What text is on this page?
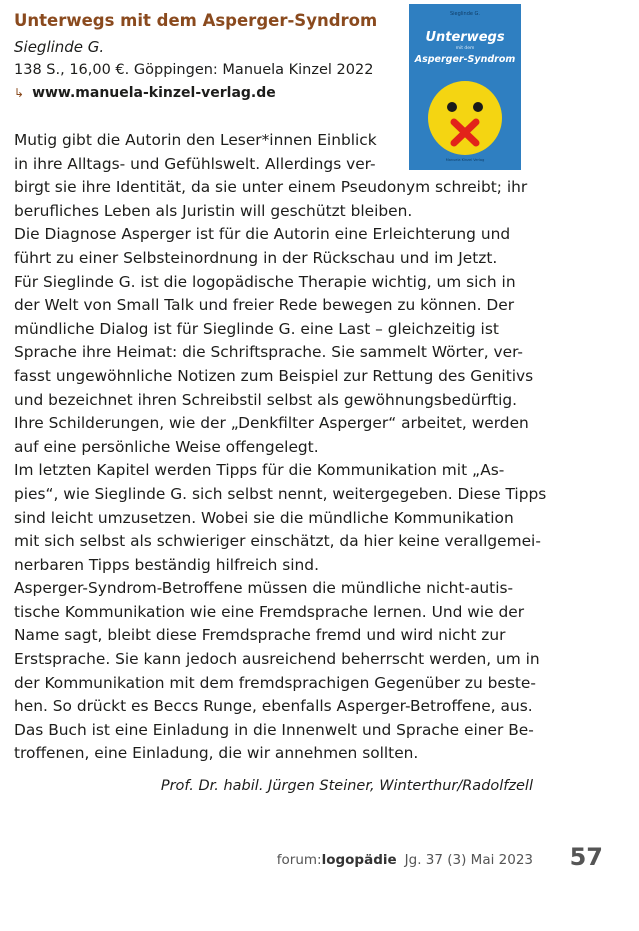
Unterwegs mit dem Asperger-Syndrom
Sieglinde G.
138 S., 16,00 €. Göppingen: Manuela Kinzel 2022
↳ www.manuela-kinzel-verlag.de
Sieglinde G.
Unterwegs
mit dem
Asperger-Syndrom
Manuela Kinzel Verlag
Mutig gibt die Autorin den Leser*innen Einblick
in ihre Alltags- und Gefühlswelt. Allerdings ver-
birgt sie ihre Identität, da sie unter einem Pseudonym schreibt; ihr
berufliches Leben als Juristin will geschützt bleiben.
Die Diagnose Asperger ist für die Autorin eine Erleichterung und
führt zu einer Selbsteinordnung in der Rückschau und im Jetzt.
Für Sieglinde G. ist die logopädische Therapie wichtig, um sich in
der Welt von Small Talk und freier Rede bewegen zu können. Der
mündliche Dialog ist für Sieglinde G. eine Last – gleichzeitig ist
Sprache ihre Heimat: die Schriftsprache. Sie sammelt Wörter, ver-
fasst ungewöhnliche Notizen zum Beispiel zur Rettung des Genitivs
und bezeichnet ihren Schreibstil selbst als gewöhnungsbedürftig.
Ihre Schilderungen, wie der „Denkfilter Asperger“ arbeitet, werden
auf eine persönliche Weise offengelegt.
Im letzten Kapitel werden Tipps für die Kommunikation mit „As-
pies“, wie Sieglinde G. sich selbst nennt, weitergegeben. Diese Tipps
sind leicht umzusetzen. Wobei sie die mündliche Kommunikation
mit sich selbst als schwieriger einschätzt, da hier keine verallgemei-
nerbaren Tipps beständig hilfreich sind.
Asperger-Syndrom-Betroffene müssen die mündliche nicht-autis-
tische Kommunikation wie eine Fremdsprache lernen. Und wie der
Name sagt, bleibt diese Fremdsprache fremd und wird nicht zur
Erstsprache. Sie kann jedoch ausreichend beherrscht werden, um in
der Kommunikation mit dem fremdsprachigen Gegenüber zu beste-
hen. So drückt es Beccs Runge, ebenfalls Asperger-Betroffene, aus.
Das Buch ist eine Einladung in die Innenwelt und Sprache einer Be-
troffenen, eine Einladung, die wir annehmen sollten.
Prof. Dr. habil. Jürgen Steiner, Winterthur/Radolfzell
forum:logopädie Jg. 37 (3) Mai 2023 57
